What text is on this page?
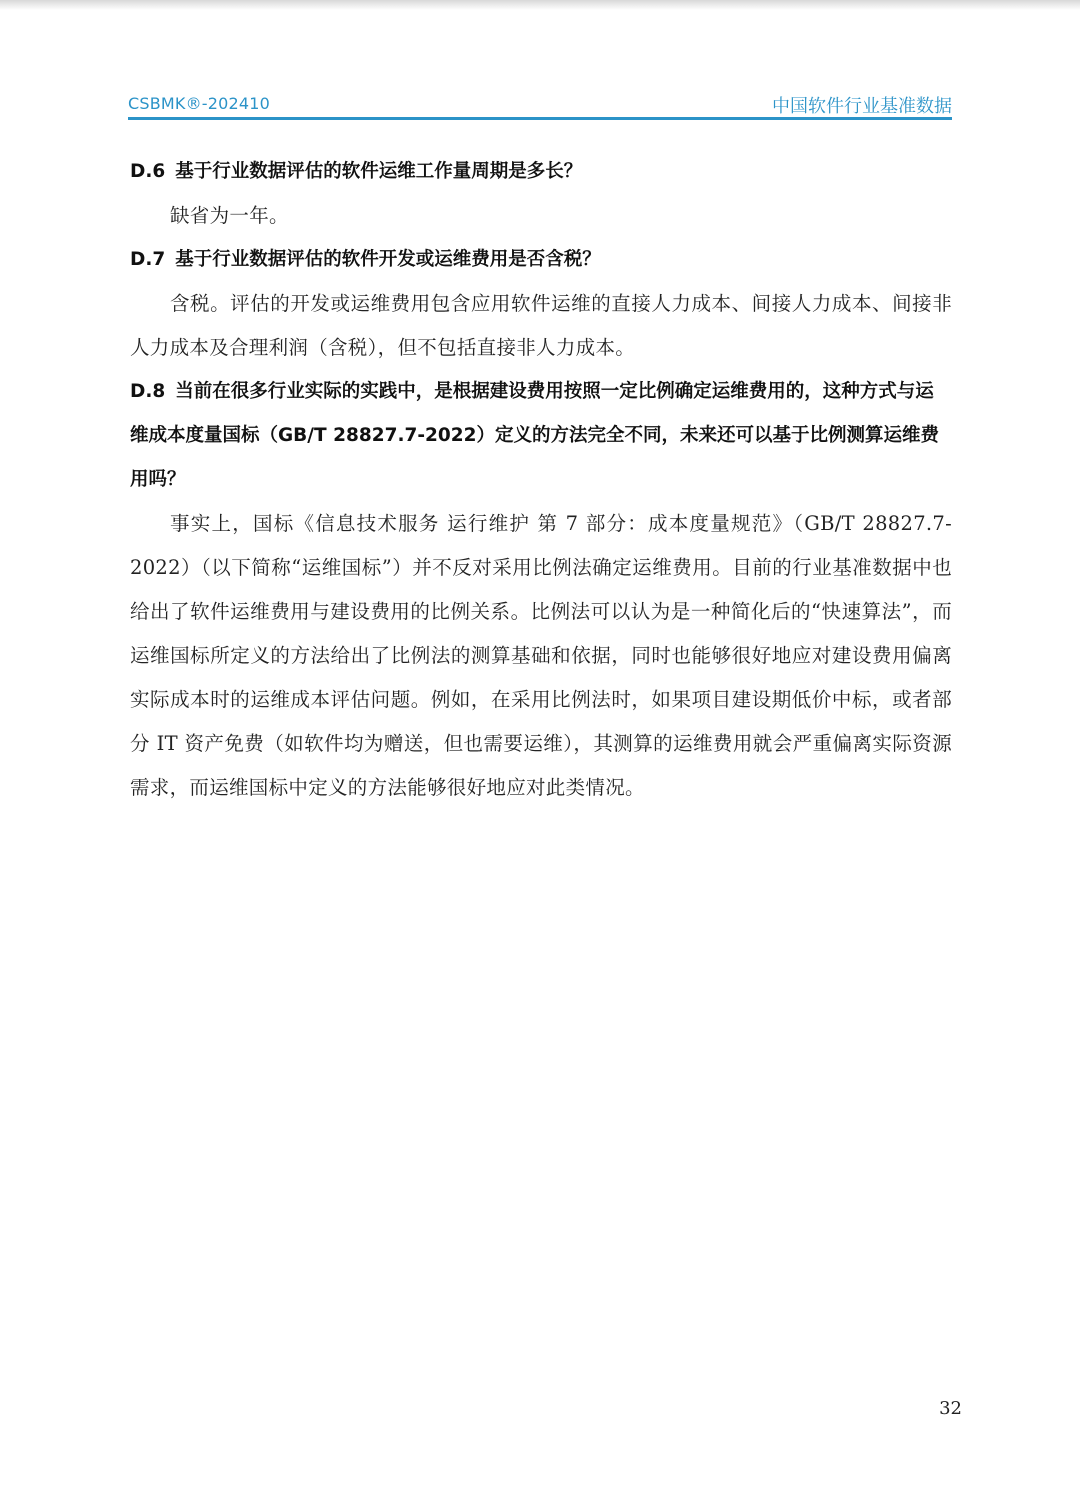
CSBMK®-202410	中国软件行业基准数据

D.6 基于行业数据评估的软件运维工作量周期是多长？

缺省为一年。

D.7 基于行业数据评估的软件开发或运维费用是否含税？

含税。评估的开发或运维费用包含应用软件运维的直接人力成本、间接人力成本、间接非人力成本及合理利润（含税），但不包括直接非人力成本。

D.8 当前在很多行业实际的实践中，是根据建设费用按照一定比例确定运维费用的，这种方式与运维成本度量国标（GB/T 28827.7-2022）定义的方法完全不同，未来还可以基于比例测算运维费用吗？

事实上，国标《信息技术服务 运行维护 第 7 部分：成本度量规范》（GB/T 28827.7-2022）（以下简称“运维国标”）并不反对采用比例法确定运维费用。目前的行业基准数据中也给出了软件运维费用与建设费用的比例关系。比例法可以认为是一种简化后的“快速算法”，而运维国标所定义的方法给出了比例法的测算基础和依据，同时也能够很好地应对建设费用偏离实际成本时的运维成本评估问题。例如，在采用比例法时，如果项目建设期低价中标，或者部分 IT 资产免费（如软件均为赠送，但也需要运维），其测算的运维费用就会严重偏离实际资源需求，而运维国标中定义的方法能够很好地应对此类情况。

32
